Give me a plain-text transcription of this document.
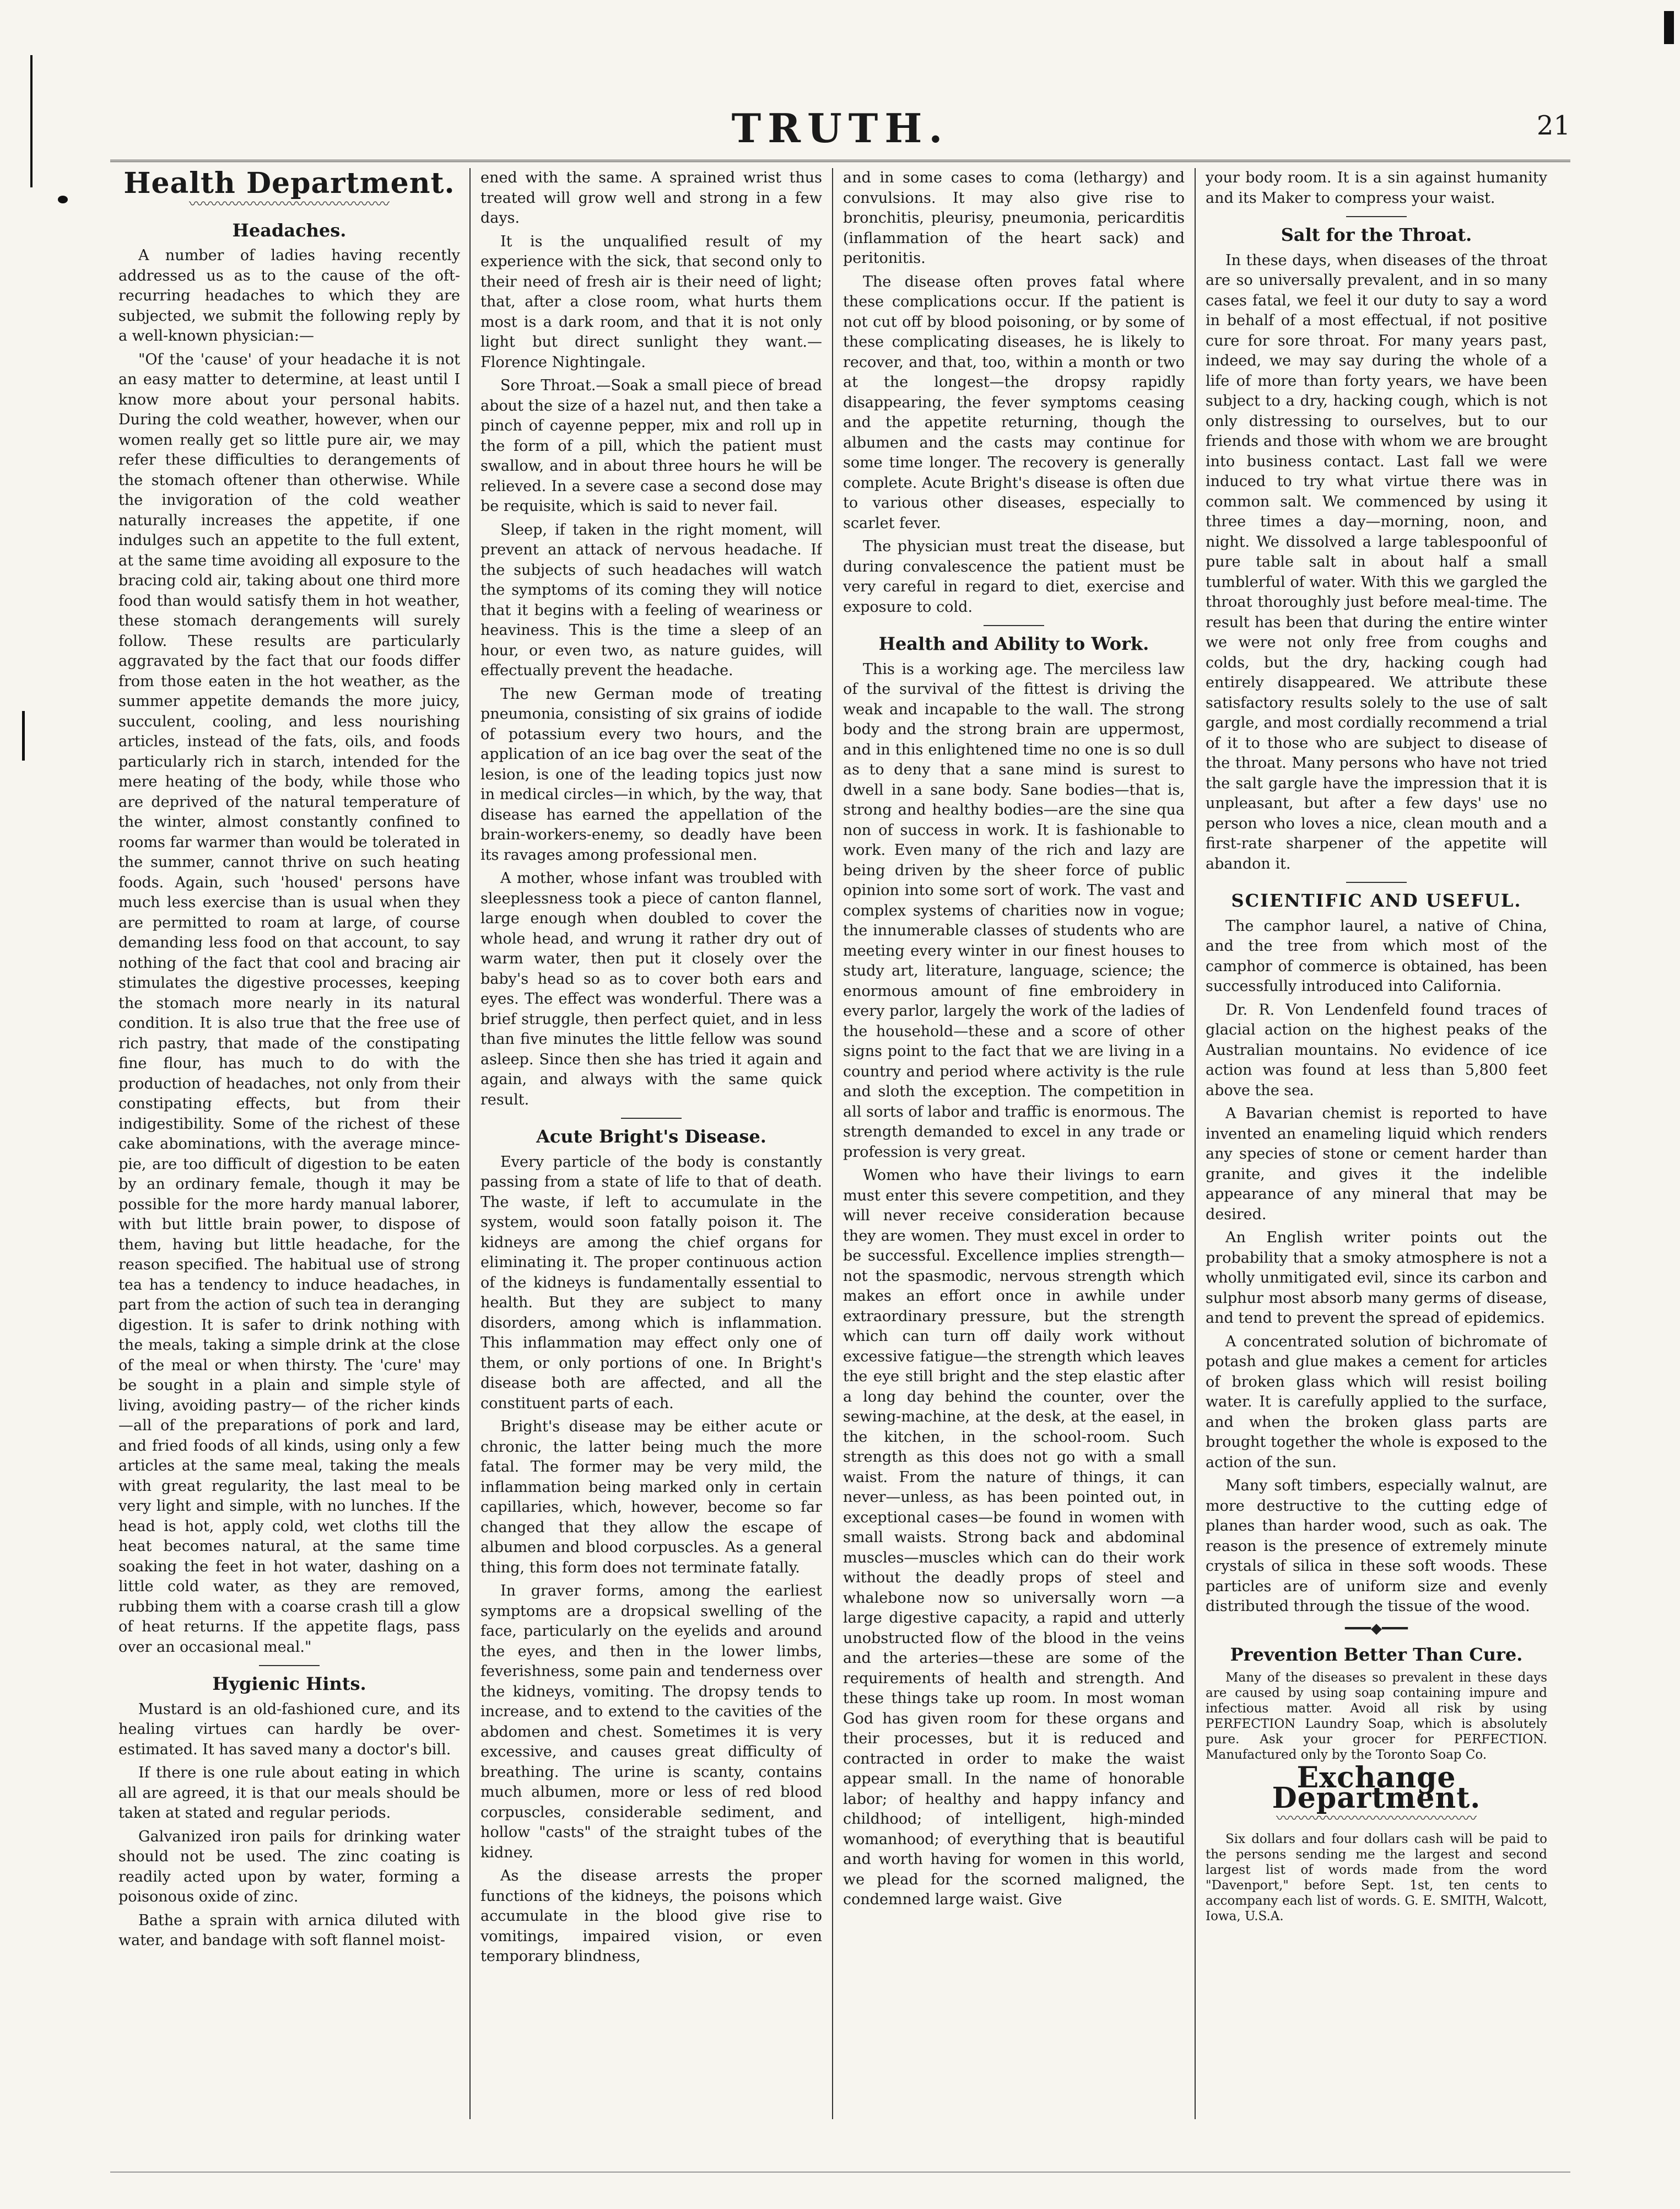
TRUTH.	21
Health Department.
〰〰〰〰〰〰〰〰〰〰〰〰〰〰
Headaches.

A number of ladies having recently addressed us as to the cause of the oft-recurring headaches to which they are subjected, we submit the following reply by a well-known physician:—

"Of the 'cause' of your headache it is not an easy matter to determine, at least until I know more about your personal habits. During the cold weather, however, when our women really get so little pure air, we may refer these difficulties to derangements of the stomach oftener than otherwise. While the invigoration of the cold weather naturally increases the appetite, if one indulges such an appetite to the full extent, at the same time avoiding all exposure to the bracing cold air, taking about one third more food than would satisfy them in hot weather, these stomach derangements will surely follow. These results are particularly aggravated by the fact that our foods differ from those eaten in the hot weather, as the summer appetite demands the more juicy, succulent, cooling, and less nourishing articles, instead of the fats, oils, and foods particularly rich in starch, intended for the mere heating of the body, while those who are deprived of the natural temperature of the winter, almost constantly confined to rooms far warmer than would be tolerated in the summer, cannot thrive on such heating foods. Again, such 'housed' persons have much less exercise than is usual when they are permitted to roam at large, of course demanding less food on that account, to say nothing of the fact that cool and bracing air stimulates the digestive processes, keeping the stomach more nearly in its natural condition. It is also true that the free use of rich pastry, that made of the constipating fine flour, has much to do with the production of headaches, not only from their constipating effects, but from their indigestibility. Some of the richest of these cake abominations, with the average mince-pie, are too difficult of digestion to be eaten by an ordinary female, though it may be possible for the more hardy manual laborer, with but little brain power, to dispose of them, having but little headache, for the reason specified. The habitual use of strong tea has a tendency to induce headaches, in part from the action of such tea in deranging digestion. It is safer to drink nothing with the meals, taking a simple drink at the close of the meal or when thirsty. The 'cure' may be sought in a plain and simple style of living, avoiding pastry— of the richer kinds —all of the preparations of pork and lard, and fried foods of all kinds, using only a few articles at the same meal, taking the meals with great regularity, the last meal to be very light and simple, with no lunches. If the head is hot, apply cold, wet cloths till the heat becomes natural, at the same time soaking the feet in hot water, dashing on a little cold water, as they are removed, rubbing them with a coarse crash till a glow of heat returns. If the appetite flags, pass over an occasional meal."

Hygienic Hints.

Mustard is an old-fashioned cure, and its healing virtues can hardly be over-estimated. It has saved many a doctor's bill.

If there is one rule about eating in which all are agreed, it is that our meals should be taken at stated and regular periods.

Galvanized iron pails for drinking water should not be used. The zinc coating is readily acted upon by water, forming a poisonous oxide of zinc.

Bathe a sprain with arnica diluted with water, and bandage with soft flannel moist-

ened with the same. A sprained wrist thus treated will grow well and strong in a few days.

It is the unqualified result of my experience with the sick, that second only to their need of fresh air is their need of light; that, after a close room, what hurts them most is a dark room, and that it is not only light but direct sunlight they want.—Florence Nightingale.

Sore Throat.—Soak a small piece of bread about the size of a hazel nut, and then take a pinch of cayenne pepper, mix and roll up in the form of a pill, which the patient must swallow, and in about three hours he will be relieved. In a severe case a second dose may be requisite, which is said to never fail.

Sleep, if taken in the right moment, will prevent an attack of nervous headache. If the subjects of such headaches will watch the symptoms of its coming they will notice that it begins with a feeling of weariness or heaviness. This is the time a sleep of an hour, or even two, as nature guides, will effectually prevent the headache.

The new German mode of treating pneumonia, consisting of six grains of iodide of potassium every two hours, and the application of an ice bag over the seat of the lesion, is one of the leading topics just now in medical circles—in which, by the way, that disease has earned the appellation of the brain-workers-enemy, so deadly have been its ravages among professional men.

A mother, whose infant was troubled with sleeplessness took a piece of canton flannel, large enough when doubled to cover the whole head, and wrung it rather dry out of warm water, then put it closely over the baby's head so as to cover both ears and eyes. The effect was wonderful. There was a brief struggle, then perfect quiet, and in less than five minutes the little fellow was sound asleep. Since then she has tried it again and again, and always with the same quick result.

Acute Bright's Disease.

Every particle of the body is constantly passing from a state of life to that of death. The waste, if left to accumulate in the system, would soon fatally poison it. The kidneys are among the chief organs for eliminating it. The proper continuous action of the kidneys is fundamentally essential to health. But they are subject to many disorders, among which is inflammation. This inflammation may effect only one of them, or only portions of one. In Bright's disease both are affected, and all the constituent parts of each.

Bright's disease may be either acute or chronic, the latter being much the more fatal. The former may be very mild, the inflammation being marked only in certain capillaries, which, however, become so far changed that they allow the escape of albumen and blood corpuscles. As a general thing, this form does not terminate fatally.

In graver forms, among the earliest symptoms are a dropsical swelling of the face, particularly on the eyelids and around the eyes, and then in the lower limbs, feverishness, some pain and tenderness over the kidneys, vomiting. The dropsy tends to increase, and to extend to the cavities of the abdomen and chest. Sometimes it is very excessive, and causes great difficulty of breathing. The urine is scanty, contains much albumen, more or less of red blood corpuscles, considerable sediment, and hollow "casts" of the straight tubes of the kidney.

As the disease arrests the proper functions of the kidneys, the poisons which accumulate in the blood give rise to vomitings, impaired vision, or even temporary blindness,

and in some cases to coma (lethargy) and convulsions. It may also give rise to bronchitis, pleurisy, pneumonia, pericarditis (inflammation of the heart sack) and peritonitis.

The disease often proves fatal where these complications occur. If the patient is not cut off by blood poisoning, or by some of these complicating diseases, he is likely to recover, and that, too, within a month or two at the longest—the dropsy rapidly disappearing, the fever symptoms ceasing and the appetite returning, though the albumen and the casts may continue for some time longer. The recovery is generally complete. Acute Bright's disease is often due to various other diseases, especially to scarlet fever.

The physician must treat the disease, but during convalescence the patient must be very careful in regard to diet, exercise and exposure to cold.

Health and Ability to Work.

This is a working age. The merciless law of the survival of the fittest is driving the weak and incapable to the wall. The strong body and the strong brain are uppermost, and in this enlightened time no one is so dull as to deny that a sane mind is surest to dwell in a sane body. Sane bodies—that is, strong and healthy bodies—are the sine qua non of success in work. It is fashionable to work. Even many of the rich and lazy are being driven by the sheer force of public opinion into some sort of work. The vast and complex systems of charities now in vogue; the innumerable classes of students who are meeting every winter in our finest houses to study art, literature, language, science; the enormous amount of fine embroidery in every parlor, largely the work of the ladies of the household—these and a score of other signs point to the fact that we are living in a country and period where activity is the rule and sloth the exception. The competition in all sorts of labor and traffic is enormous. The strength demanded to excel in any trade or profession is very great.

Women who have their livings to earn must enter this severe competition, and they will never receive consideration because they are women. They must excel in order to be successful. Excellence implies strength—not the spasmodic, nervous strength which makes an effort once in awhile under extraordinary pressure, but the strength which can turn off daily work without excessive fatigue—the strength which leaves the eye still bright and the step elastic after a long day behind the counter, over the sewing-machine, at the desk, at the easel, in the kitchen, in the school-room. Such strength as this does not go with a small waist. From the nature of things, it can never—unless, as has been pointed out, in exceptional cases—be found in women with small waists. Strong back and abdominal muscles—muscles which can do their work without the deadly props of steel and whalebone now so universally worn —a large digestive capacity, a rapid and utterly unobstructed flow of the blood in the veins and the arteries—these are some of the requirements of health and strength. And these things take up room. In most woman God has given room for these organs and their processes, but it is reduced and contracted in order to make the waist appear small. In the name of honorable labor; of healthy and happy infancy and childhood; of intelligent, high-minded womanhood; of everything that is beautiful and worth having for women in this world, we plead for the scorned maligned, the condemned large waist. Give

your body room. It is a sin against humanity and its Maker to compress your waist.

Salt for the Throat.

In these days, when diseases of the throat are so universally prevalent, and in so many cases fatal, we feel it our duty to say a word in behalf of a most effectual, if not positive cure for sore throat. For many years past, indeed, we may say during the whole of a life of more than forty years, we have been subject to a dry, hacking cough, which is not only distressing to ourselves, but to our friends and those with whom we are brought into business contact. Last fall we were induced to try what virtue there was in common salt. We commenced by using it three times a day—morning, noon, and night. We dissolved a large tablespoonful of pure table salt in about half a small tumblerful of water. With this we gargled the throat thoroughly just before meal-time. The result has been that during the entire winter we were not only free from coughs and colds, but the dry, hacking cough had entirely disappeared. We attribute these satisfactory results solely to the use of salt gargle, and most cordially recommend a trial of it to those who are subject to disease of the throat. Many persons who have not tried the salt gargle have the impression that it is unpleasant, but after a few days' use no person who loves a nice, clean mouth and a first-rate sharpener of the appetite will abandon it.

SCIENTIFIC AND USEFUL.

The camphor laurel, a native of China, and the tree from which most of the camphor of commerce is obtained, has been successfully introduced into California.

Dr. R. Von Lendenfeld found traces of glacial action on the highest peaks of the Australian mountains. No evidence of ice action was found at less than 5,800 feet above the sea.

A Bavarian chemist is reported to have invented an enameling liquid which renders any species of stone or cement harder than granite, and gives it the indelible appearance of any mineral that may be desired.

An English writer points out the probability that a smoky atmosphere is not a wholly unmitigated evil, since its carbon and sulphur most absorb many germs of disease, and tend to prevent the spread of epidemics.

A concentrated solution of bichromate of potash and glue makes a cement for articles of broken glass which will resist boiling water. It is carefully applied to the surface, and when the broken glass parts are brought together the whole is exposed to the action of the sun.

Many soft timbers, especially walnut, are more destructive to the cutting edge of planes than harder wood, such as oak. The reason is the presence of extremely minute crystals of silica in these soft woods. These particles are of uniform size and evenly distributed through the tissue of the wood.

━━━◆━━━
Prevention Better Than Cure.

Many of the diseases so prevalent in these days are caused by using soap containing impure and infectious matter. Avoid all risk by using PERFECTION Laundry Soap, which is absolutely pure. Ask your grocer for PERFECTION. Manufactured only by the Toronto Soap Co.

Exchange Department.
〰〰〰〰〰〰〰〰〰〰〰〰〰〰

Six dollars and four dollars cash will be paid to the persons sending me the largest and second largest list of words made from the word "Davenport," before Sept. 1st, ten cents to accompany each list of words. G. E. SMITH, Walcott, Iowa, U.S.A.
